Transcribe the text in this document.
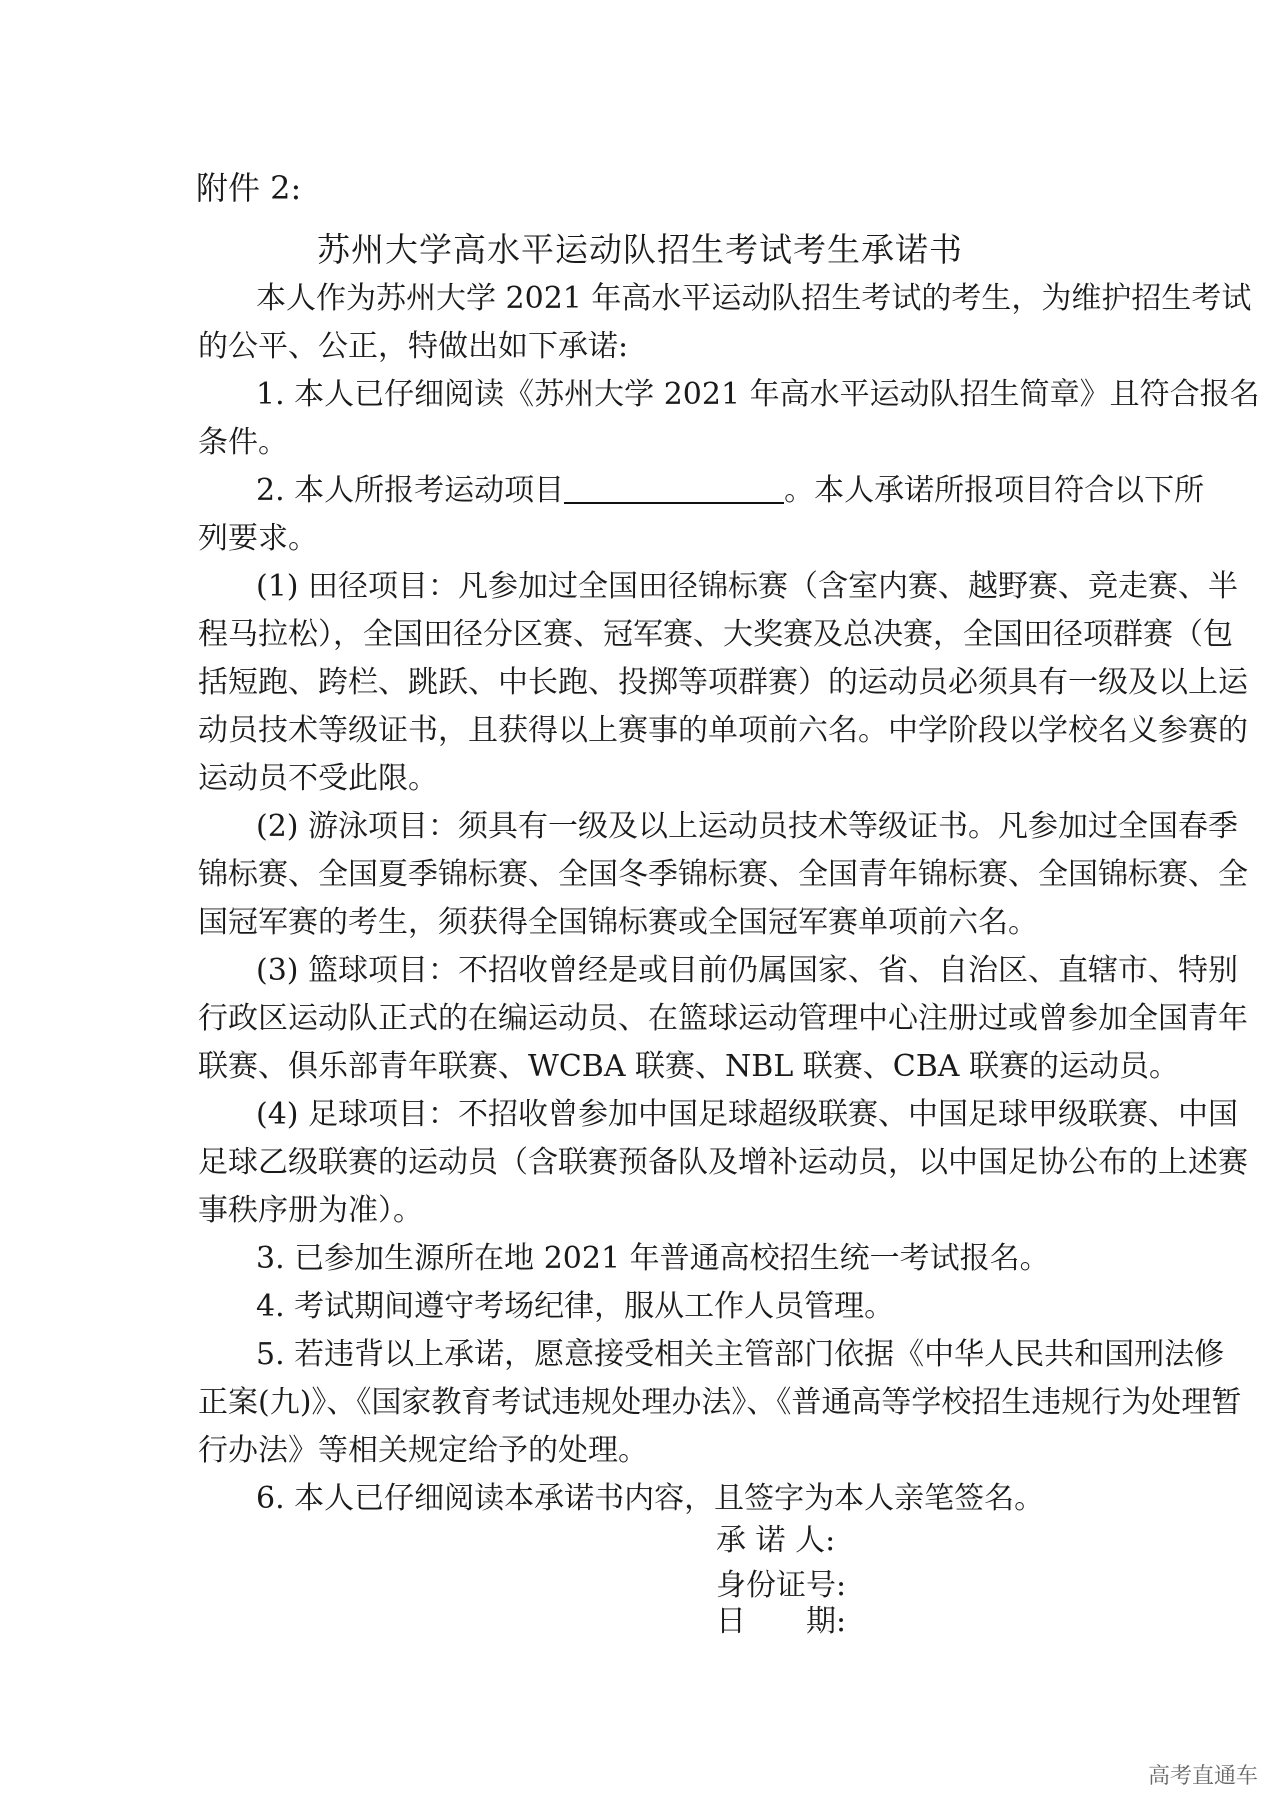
附件 2:
苏州大学高水平运动队招生考试考生承诺书
本人作为苏州大学 2021 年高水平运动队招生考试的考生，为维护招生考试
的公平、公正，特做出如下承诺:
1. 本人已仔细阅读《苏州大学 2021 年高水平运动队招生简章》且符合报名
条件。
2. 本人所报考运动项目	。本人承诺所报项目符合以下所
列要求。
(1) 田径项目：凡参加过全国田径锦标赛（含室内赛、越野赛、竞走赛、半
程马拉松），全国田径分区赛、冠军赛、大奖赛及总决赛，全国田径项群赛（包
括短跑、跨栏、跳跃、中长跑、投掷等项群赛）的运动员必须具有一级及以上运
动员技术等级证书，且获得以上赛事的单项前六名。中学阶段以学校名义参赛的
运动员不受此限。
(2) 游泳项目：须具有一级及以上运动员技术等级证书。凡参加过全国春季
锦标赛、全国夏季锦标赛、全国冬季锦标赛、全国青年锦标赛、全国锦标赛、全
国冠军赛的考生，须获得全国锦标赛或全国冠军赛单项前六名。
(3) 篮球项目：不招收曾经是或目前仍属国家、省、自治区、直辖市、特别
行政区运动队正式的在编运动员、在篮球运动管理中心注册过或曾参加全国青年
联赛、俱乐部青年联赛、WCBA 联赛、NBL 联赛、CBA 联赛的运动员。
(4) 足球项目：不招收曾参加中国足球超级联赛、中国足球甲级联赛、中国
足球乙级联赛的运动员（含联赛预备队及增补运动员，以中国足协公布的上述赛
事秩序册为准）。
3. 已参加生源所在地 2021 年普通高校招生统一考试报名。
4. 考试期间遵守考场纪律，服从工作人员管理。
5. 若违背以上承诺，愿意接受相关主管部门依据《中华人民共和国刑法修
正案(九)》、《国家教育考试违规处理办法》、《普通高等学校招生违规行为处理暂
行办法》等相关规定给予的处理。
6. 本人已仔细阅读本承诺书内容，且签字为本人亲笔签名。
承 诺 人:
身份证号:
日　　期:
高考直通车
